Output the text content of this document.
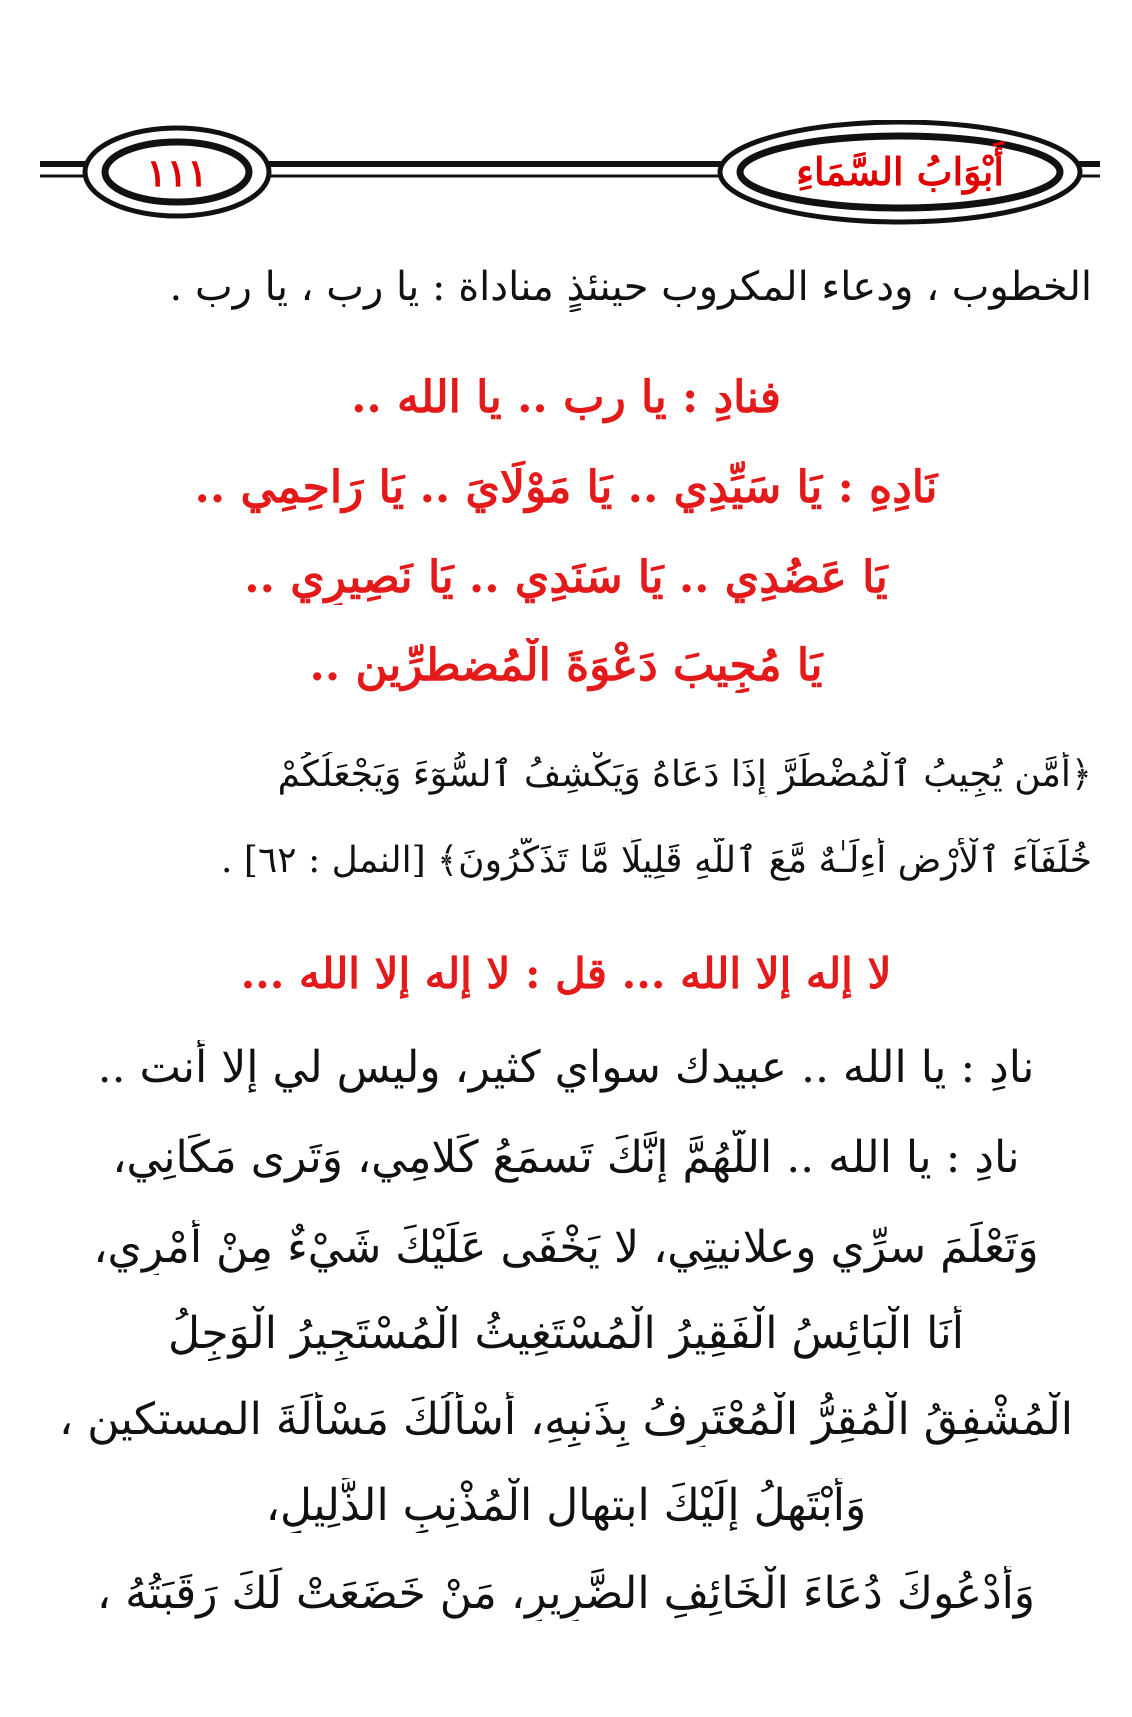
١١١	أَبْوَابُ السَّمَاءِ
الخطوب ، ودعاء المكروب حينئذٍ مناداة : يا رب ، يا رب .
فنادِ : يا رب .. يا الله ..
نَادِهِ : يَا سَيِّدِي .. يَا مَوْلَايَ .. يَا رَاحِمِي ..
يَا عَضُدِي .. يَا سَنَدِي .. يَا نَصِيرِي ..
يَا مُجِيبَ دَعْوَةَ الْمُضطرِّين ..
﴿أَمَّن يُجِيبُ ٱلْمُضْطَرَّ إِذَا دَعَاهُ وَيَكْشِفُ ٱلسُّوٓءَ وَيَجْعَلُكُمْ
خُلَفَآءَ ٱلْأَرْضِ أَءِلَـٰهٌ مَّعَ ٱللَّهِ قَلِيلًا مَّا تَذَكَّرُونَ﴾ [النمل : ٦٢] .
لا إله إلا الله ... قل : لا إله إلا الله ...
نادِ : يا الله .. عبيدك سواي كثير، وليس لي إلا أنت ..
نادِ : يا الله .. اللَّهُمَّ إِنَّكَ تَسمَعُ كَلامِي، وَتَرى مَكَانِي،
وَتَعْلَمَ سرِّي وعلانيتِي، لا يَخْفَى عَلَيْكَ شَيْءٌ مِنْ أَمْرِي،
أَنَا الْبَائِسُ الْفَقِيرُ الْمُسْتَغِيثُ الْمُسْتَجِيرُ الْوَجِلُ
الْمُشْفِقُ الْمُقِرُّ الْمُعْتَرِفُ بِذَنبِهِ، أَسْأَلُكَ مَسْأَلَةَ المستكينِ ،
وَأَبْتَهِلُ إِلَيْكَ ابتهال الْمُذْنِبِ الذَّلِيلِ،
وَأَدْعُوكَ دُعَاءَ الْخَائِفِ الضَّرِيرِ، مَنْ خَضَعَتْ لَكَ رَقَبَتُهُ ،
